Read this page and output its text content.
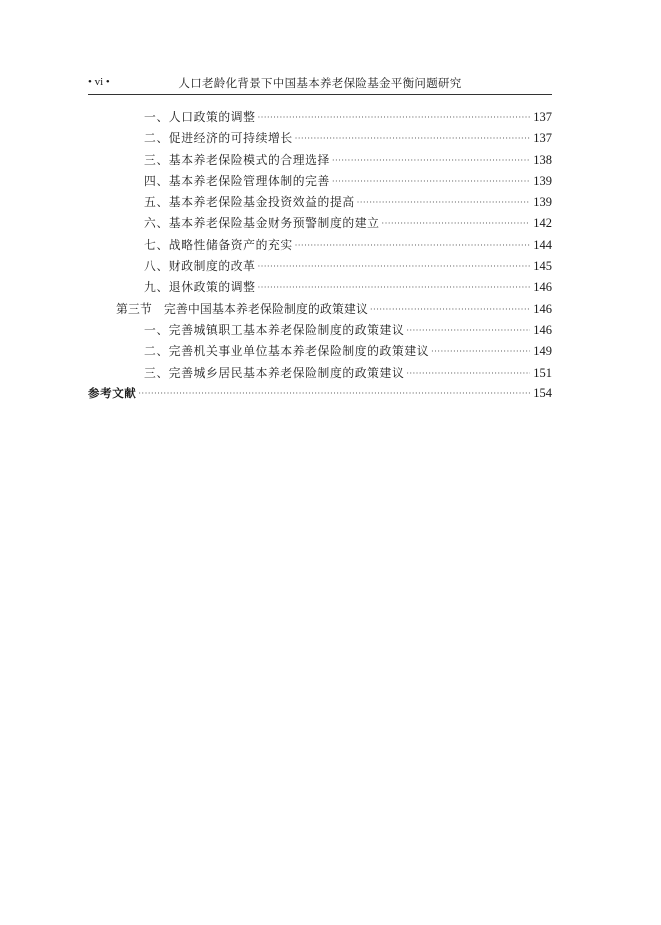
• vi •	人口老龄化背景下中国基本养老保险基金平衡问题研究
一、人口政策的调整 ·····	137
二、促进经济的可持续增长 ·····	137
三、基本养老保险模式的合理选择 ·····	138
四、基本养老保险管理体制的完善 ·····	139
五、基本养老保险基金投资效益的提高 ·····	139
六、基本养老保险基金财务预警制度的建立 ·····	142
七、战略性储备资产的充实 ·····	144
八、财政制度的改革 ·····	145
九、退休政策的调整 ·····	146
第三节　完善中国基本养老保险制度的政策建议 ·····	146
一、完善城镇职工基本养老保险制度的政策建议 ·····	146
二、完善机关事业单位基本养老保险制度的政策建议 ·····	149
三、完善城乡居民基本养老保险制度的政策建议 ·····	151
参考文献 ·····	154
